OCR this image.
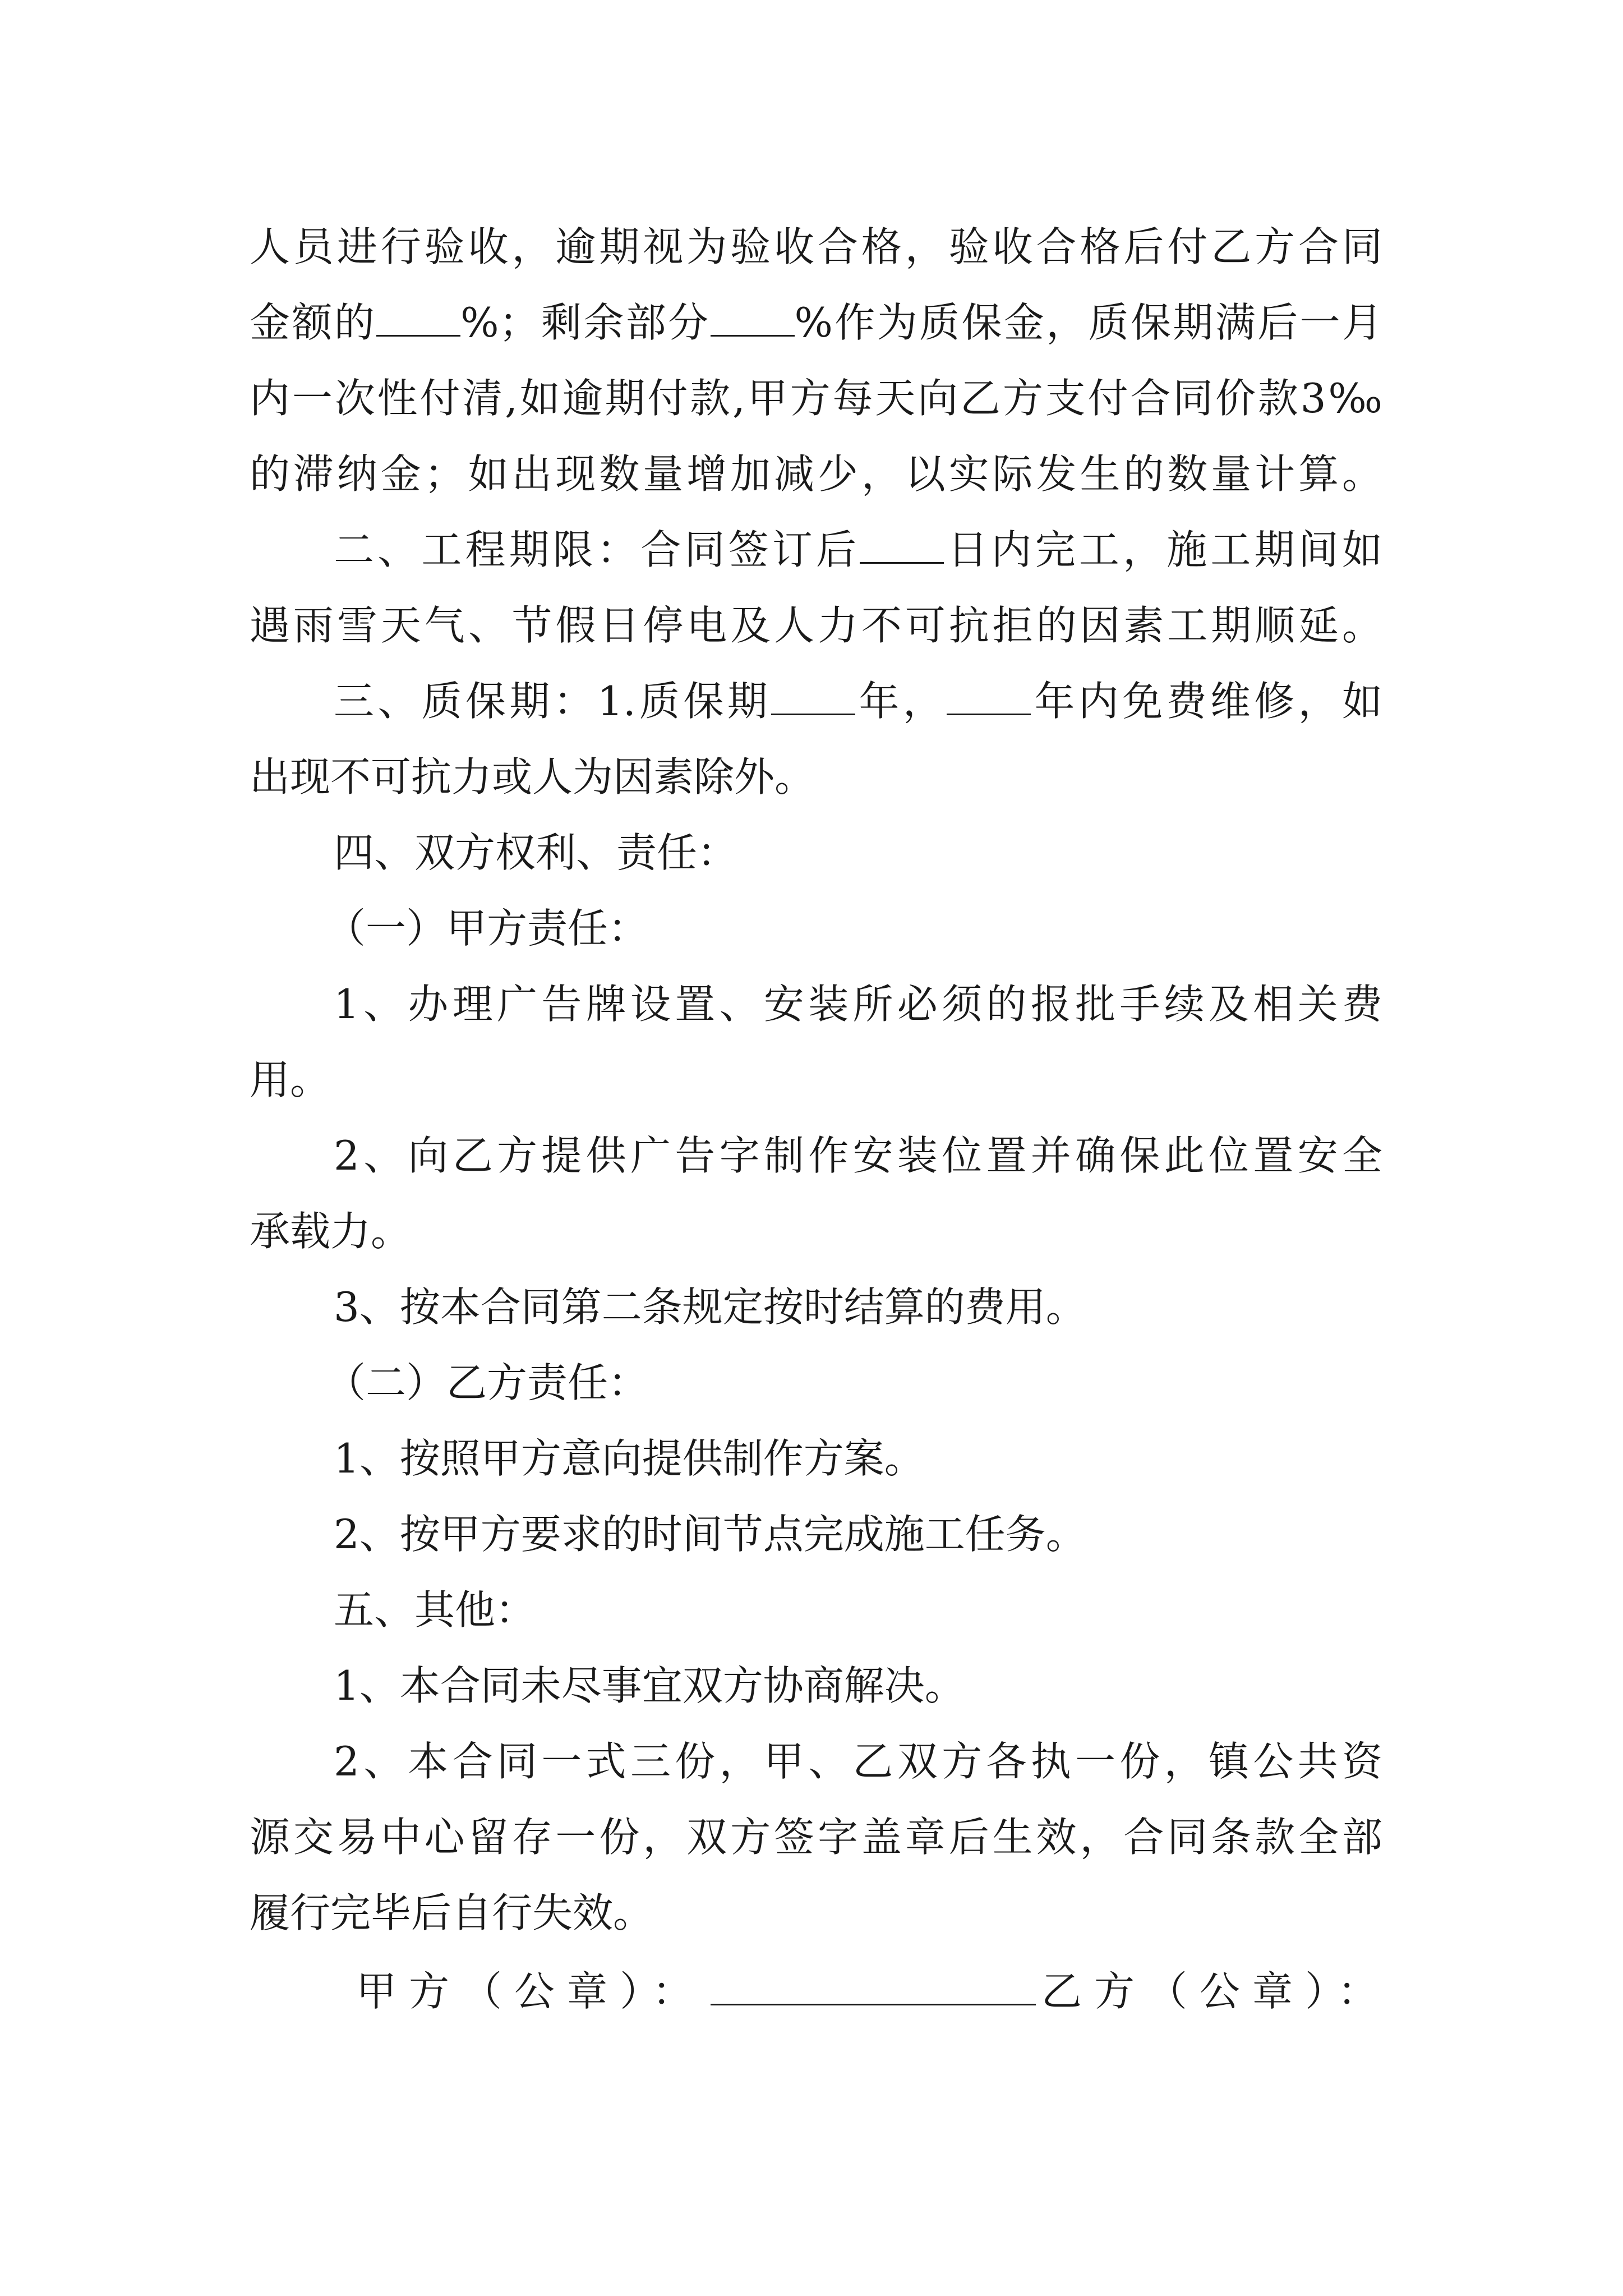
人员进行验收，逾期视为验收合格，验收合格后付乙方合同
金额的 %；剩余部分 %作为质保金，质保期满后一月
内一次性付清,如逾期付款,甲方每天向乙方支付合同价款3‰
的滞纳金；如出现数量增加减少，以实际发生的数量计算。
二、工程期限：合同签订后 日内完工，施工期间如
遇雨雪天气、节假日停电及人力不可抗拒的因素工期顺延。
三、质保期：1.质保期 年， 年内免费维修，如
出现不可抗力或人为因素除外。
四、双方权利、责任：
（一）甲方责任：
1、办理广告牌设置、安装所必须的报批手续及相关费
用。
2、向乙方提供广告字制作安装位置并确保此位置安全
承载力。
3、按本合同第二条规定按时结算的费用。
（二）乙方责任：
1、按照甲方意向提供制作方案。
2、按甲方要求的时间节点完成施工任务。
五、其他：
1、本合同未尽事宜双方协商解决。
2、本合同一式三份，甲、乙双方各执一份，镇公共资
源交易中心留存一份，双方签字盖章后生效，合同条款全部
履行完毕后自行失效。
甲方（公章）：	乙方（公章）：
